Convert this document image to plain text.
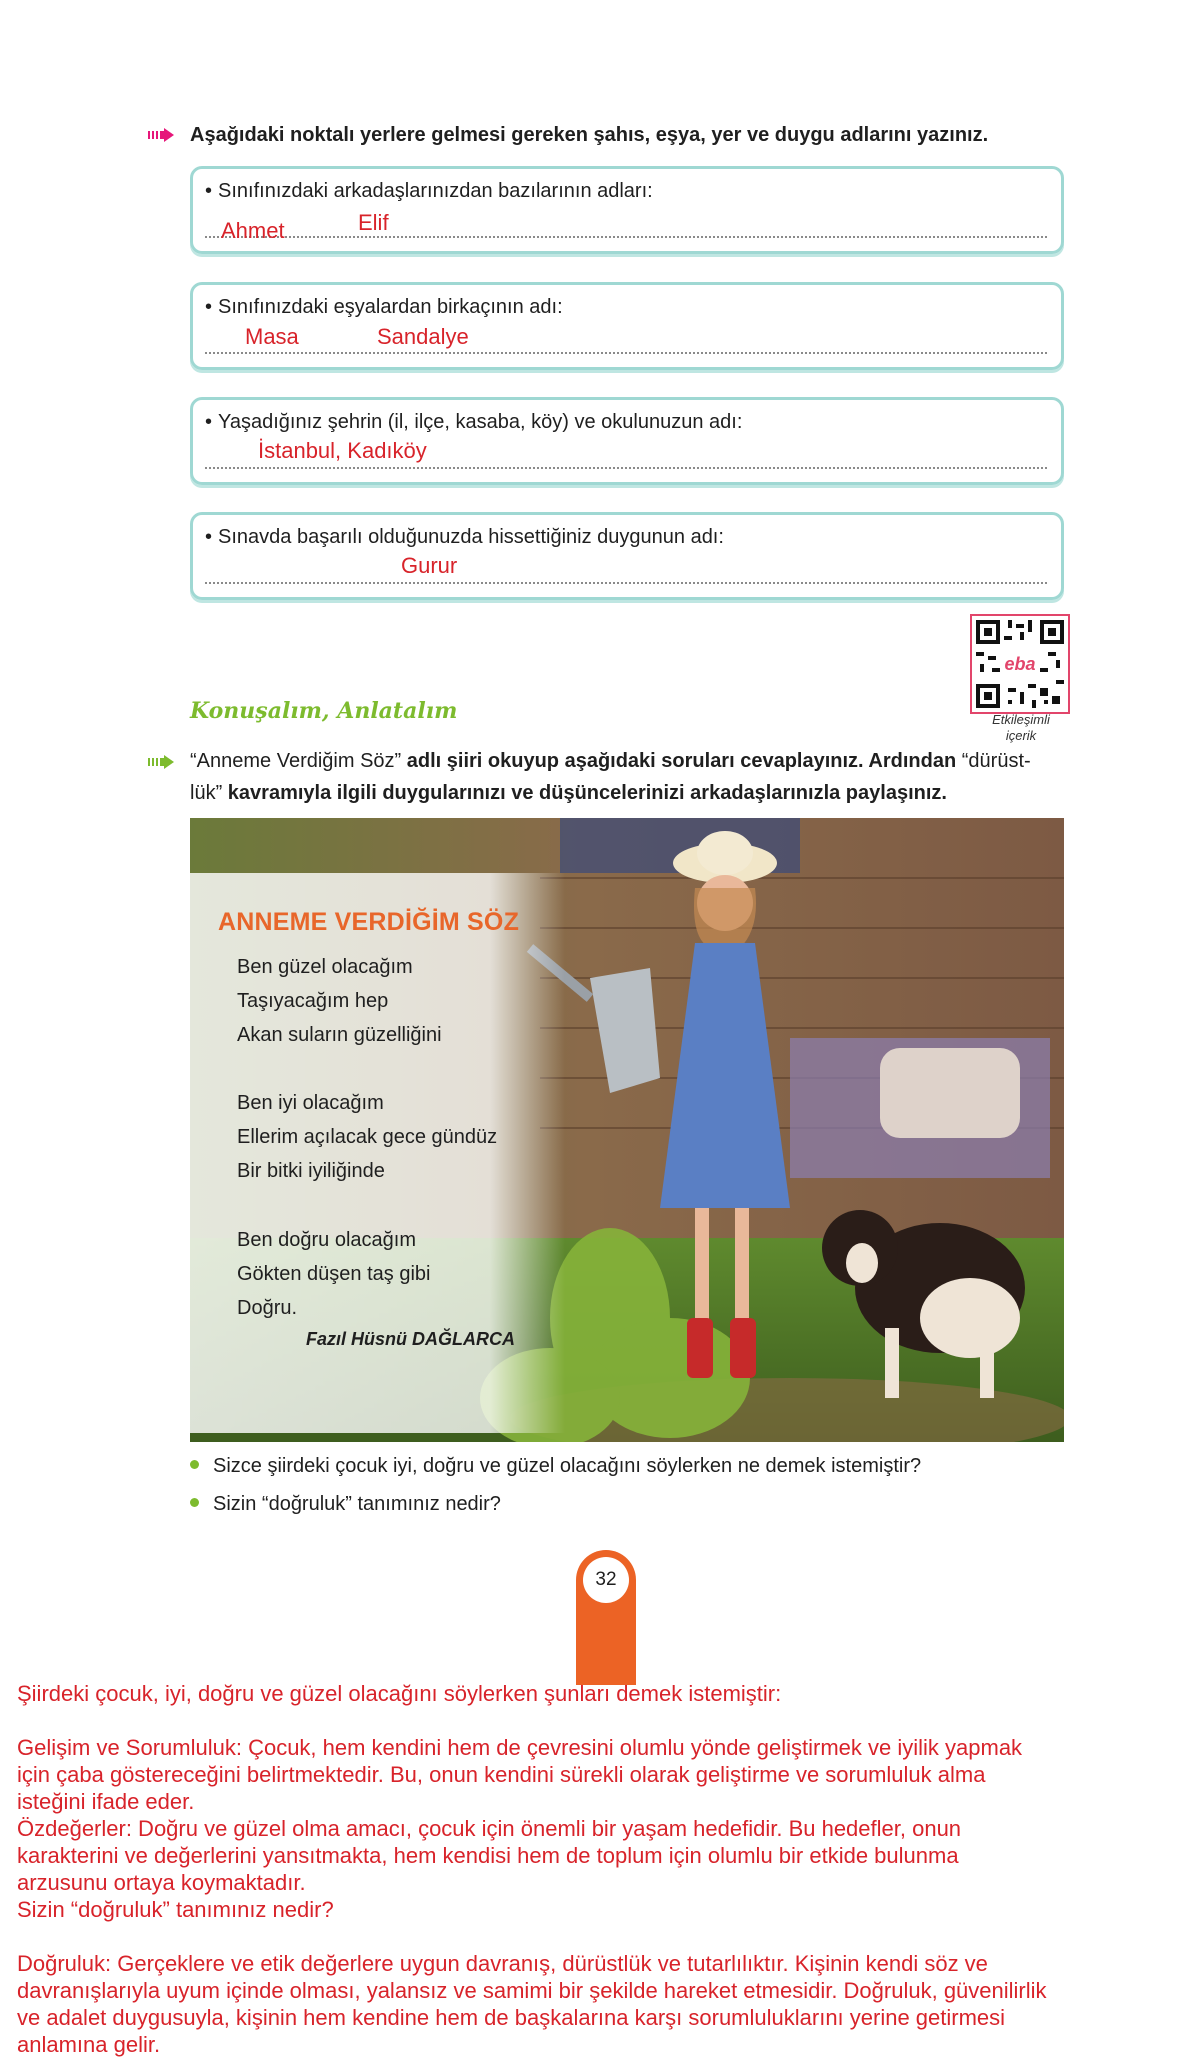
Aşağıdaki noktalı yerlere gelmesi gereken şahıs, eşya, yer ve duygu adlarını yazınız.
• Sınıfınızdaki arkadaşlarınızdan bazılarının adları:
Ahmet	Elif
• Sınıfınızdaki eşyalardan birkaçının adı:
Masa	Sandalye
• Yaşadığınız şehrin (il, ilçe, kasaba, köy) ve okulunuzun adı:
İstanbul, Kadıköy
• Sınavda başarılı olduğunuzda hissettiğiniz duygunun adı:
Gurur
eba
Etkileşimli
içerik
Konuşalım, Anlatalım
“Anneme Verdiğim Söz” adlı şiiri okuyup aşağıdaki soruları cevaplayınız. Ardından “dürüst-
lük” kavramıyla ilgili duygularınızı ve düşüncelerinizi arkadaşlarınızla paylaşınız.
ANNEME VERDİĞİM SÖZ
Ben güzel olacağım
Taşıyacağım hep
Akan suların güzelliğini
Ben iyi olacağım
Ellerim açılacak gece gündüz
Bir bitki iyiliğinde
Ben doğru olacağım
Gökten düşen taş gibi
Doğru.
Fazıl Hüsnü DAĞLARCA
Sizce şiirdeki çocuk iyi, doğru ve güzel olacağını söylerken ne demek istemiştir?
Sizin “doğruluk” tanımınız nedir?
32
Şiirdeki çocuk, iyi, doğru ve güzel olacağını söylerken şunları demek istemiştir:
Gelişim ve Sorumluluk: Çocuk, hem kendini hem de çevresini olumlu yönde geliştirmek ve iyilik yapmak
için çaba göstereceğini belirtmektedir. Bu, onun kendini sürekli olarak geliştirme ve sorumluluk alma
isteğini ifade eder.
Özdeğerler: Doğru ve güzel olma amacı, çocuk için önemli bir yaşam hedefidir. Bu hedefler, onun
karakterini ve değerlerini yansıtmakta, hem kendisi hem de toplum için olumlu bir etkide bulunma
arzusunu ortaya koymaktadır.
Sizin “doğruluk” tanımınız nedir?
Doğruluk: Gerçeklere ve etik değerlere uygun davranış, dürüstlük ve tutarlılıktır. Kişinin kendi söz ve
davranışlarıyla uyum içinde olması, yalansız ve samimi bir şekilde hareket etmesidir. Doğruluk, güvenilirlik
ve adalet duygusuyla, kişinin hem kendine hem de başkalarına karşı sorumluluklarını yerine getirmesi
anlamına gelir.
